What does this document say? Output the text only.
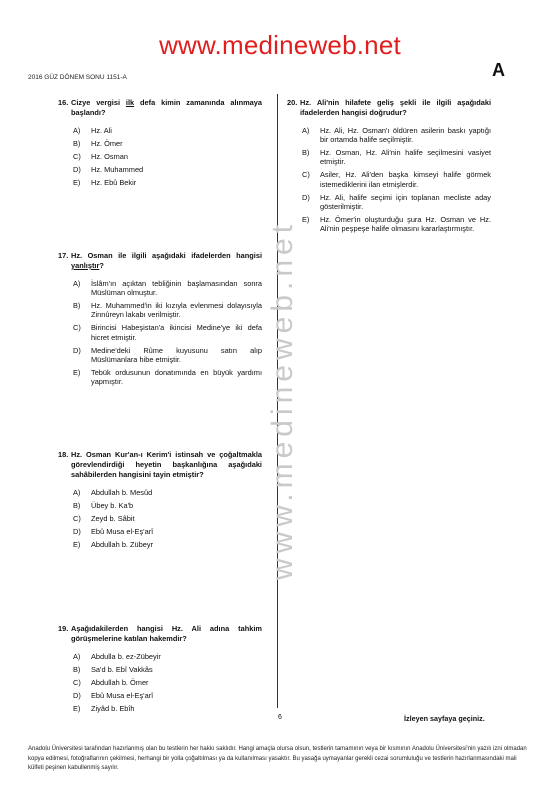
www.medineweb.net
2016 GÜZ DÖNEM SONU 1151-A	A
www.medineweb.net
16. Cizye vergisi ilk defa kimin zamanında alınmaya başlandı?
A)	Hz. Ali
B)	Hz. Ömer
C)	Hz. Osman
D)	Hz. Muhammed
E)	Hz. Ebû Bekir
17. Hz. Osman ile ilgili aşağıdaki ifadelerden hangisi yanlıştır?
A)	İslâm'ın açıktan tebliğinin başlamasından sonra Müslüman olmuştur.
B)	Hz. Muhammed'in iki kızıyla evlenmesi dolayısıyla Zinnûreyn lakabı verilmiştir.
C)	Birincisi Habeşistan'a ikincisi Medine'ye iki defa hicret etmiştir.
D)	Medine'deki Rûme kuyusunu satın alıp Müslümanlara hibe etmiştir.
E)	Tebük ordusunun donatımında en büyük yardımı yapmıştır.
18. Hz. Osman Kur'an-ı Kerim'i istinsah ve çoğaltmakla görevlendirdiği heyetin başkanlığına aşağıdaki sahâbilerden hangisini tayin etmiştir?
A)	Abdullah b. Mesûd
B)	Übey b. Ka'b
C)	Zeyd b. Sâbit
D)	Ebû Musa el-Eş'arî
E)	Abdullah b. Zübeyr
19. Aşağıdakilerden hangisi Hz. Ali adına tahkim görüşmelerine katılan hakemdir?
A)	Abdulla b. ez-Zübeyir
B)	Sa'd b. Ebî Vakkâs
C)	Abdullah b. Ömer
D)	Ebû Musa el-Eş'arî
E)	Ziyâd b. Ebîh
20. Hz. Ali'nin hilafete geliş şekli ile ilgili aşağıdaki ifadelerden hangisi doğrudur?
A)	Hz. Ali, Hz. Osman'ı öldüren asilerin baskı yaptığı bir ortamda halife seçilmiştir.
B)	Hz. Osman, Hz. Ali'nin halife seçilmesini vasiyet etmiştir.
C)	Asiler, Hz. Ali'den başka kimseyi halife görmek istemediklerini ilan etmişlerdir.
D)	Hz. Ali, halife seçimi için toplanan mecliste aday gösterilmiştir.
E)	Hz. Ömer'in oluşturduğu şura Hz. Osman ve Hz. Ali'nin peşpeşe halife olmasını kararlaştırmıştır.
6	İzleyen sayfaya geçiniz.
Anadolu Üniversitesi tarafından hazırlanmış olan bu testlerin her hakkı saklıdır. Hangi amaçla olursa olsun, testlerin tamamının veya bir kısmının Anadolu Üniversitesi'nin yazılı izni olmadan kopya edilmesi, fotoğraflarının çekilmesi, herhangi bir yolla çoğaltılması ya da kullanılması yasaktır. Bu yasağa uymayanlar gerekli cezai sorumluluğu ve testlerin hazırlanmasındaki mali külfeti peşinen kabullenmiş sayılır.
